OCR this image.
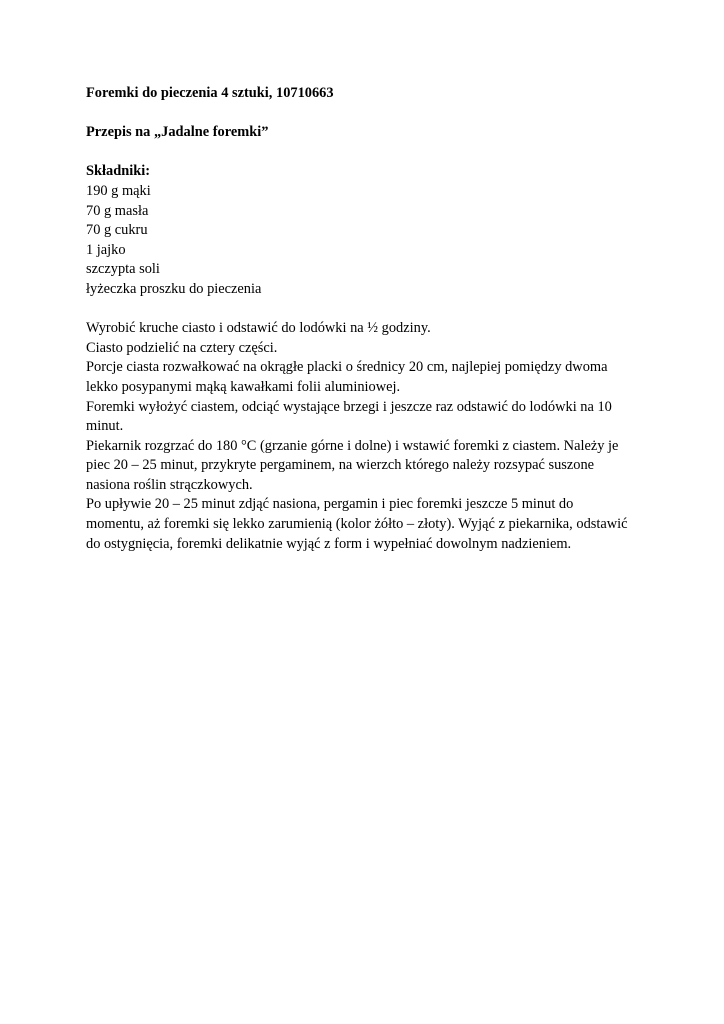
Foremki do pieczenia 4 sztuki, 10710663
Przepis na „Jadalne foremki”
Składniki:
190 g mąki
70 g masła
70 g cukru
1 jajko
szczypta soli
łyżeczka proszku do pieczenia
Wyrobić kruche ciasto i odstawić do lodówki na ½ godziny.
Ciasto podzielić na cztery części.
Porcje ciasta rozwałkować na okrągłe placki o średnicy 20 cm, najlepiej pomiędzy dwoma
lekko posypanymi mąką kawałkami folii aluminiowej.
Foremki wyłożyć ciastem, odciąć wystające brzegi i jeszcze raz odstawić do lodówki na 10
minut.
Piekarnik rozgrzać do 180 °C (grzanie górne i dolne) i wstawić foremki z ciastem. Należy je
piec 20 – 25 minut, przykryte pergaminem, na wierzch którego należy rozsypać suszone
nasiona roślin strączkowych.
Po upływie 20 – 25 minut zdjąć nasiona, pergamin i piec foremki jeszcze 5 minut do
momentu, aż foremki się lekko zarumienią (kolor żółto – złoty). Wyjąć z piekarnika, odstawić
do ostygnięcia, foremki delikatnie wyjąć z form i wypełniać dowolnym nadzieniem.
